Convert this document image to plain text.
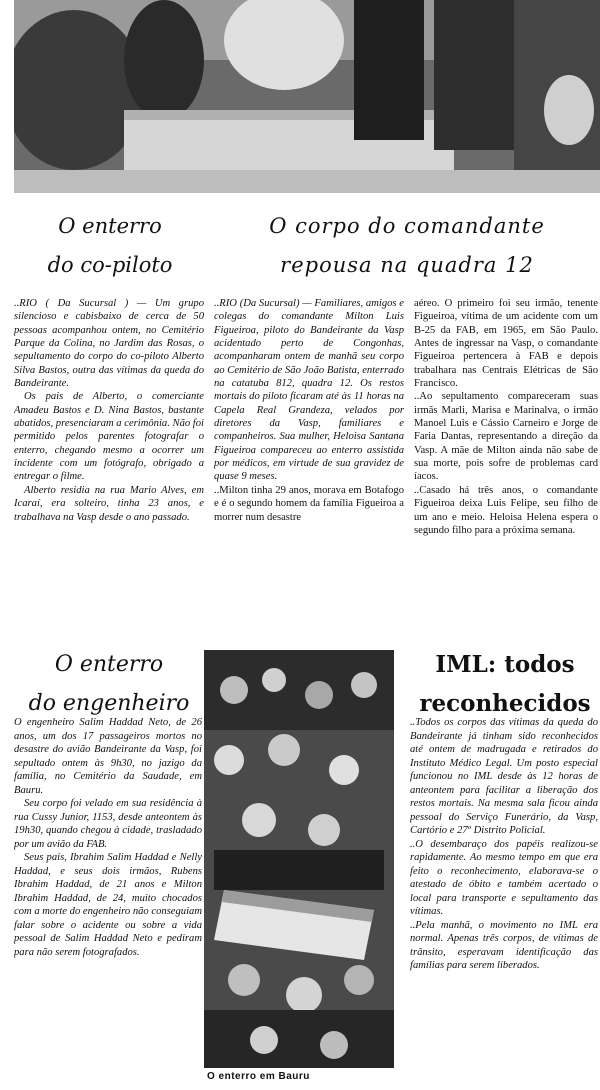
O enterro
do co-piloto
O corpo do comandante
repousa na quadra 12

..RIO ( Da Sucursal ) — Um grupo silencioso e cabisbaixo de cerca de 50 pessoas acompanhou ontem, no Cemitério Parque da Colina, no Jardim das Rosas, o sepultamento do corpo do co-piloto Alberto Silva Bastos, outra das vítimas da queda do Bandeirante.

Os pais de Alberto, o comerciante Amadeu Bastos e D. Nina Bastos, bastante abatidos, presenciaram a cerimônia. Não foi permitido pelos parentes fotografar o enterro, chegando mesmo a ocorrer um incidente com um fotógrafo, obrigado a entregar o filme.

Alberto residia na rua Mario Alves, em Icaraí, era solteiro, tinha 23 anos, e trabalhava na Vasp desde o ano passado.

..RIO (Da Sucursal) — Familiares, amigos e colegas do comandante Milton Luis Figueiroa, piloto do Bandeirante da Vasp acidentado perto de Congonhas, acompanharam ontem de manhã seu corpo ao Cemitério de São João Batista, enterrado na catatuba 812, quadra 12. Os restos mortais do piloto ficaram até às 11 horas na Capela Real Grandeza, velados por diretores da Vasp, familiares e companheiros. Sua mulher, Heloisa Santana Figueiroa compareceu ao enterro assistida por médicos, em virtude de sua gravidez de quase 9 meses.

..Milton tinha 29 anos, morava em Botafogo e é o segundo homem da família Figueiroa a morrer num desastre

aéreo. O primeiro foi seu irmão, tenente Figueiroa, vítima de um acidente com um B-25 da FAB, em 1965, em São Paulo. Antes de ingressar na Vasp, o comandante Figueiroa pertencera à FAB e depois trabalhara nas Centrais Elétricas de São Francisco.

..Ao sepultamento compareceram suas irmãs Marli, Marisa e Marinalva, o irmão Manoel Luis e Cássio Carneiro e Jorge de Faria Dantas, representando a direção da Vasp. A mãe de Milton ainda não sabe de sua morte, pois sofre de problemas card íacos.

..Casado há três anos, o comandante Figueiroa deixa Luis Felipe, seu filho de um ano e meio. Heloisa Helena espera o segundo filho para a próxima semana.

O enterro
do engenheiro
IML: todos
reconhecidos

O engenheiro Salim Haddad Neto, de 26 anos, um dos 17 passageiros mortos no desastre do avião Bandeirante da Vasp, foi sepultado ontem às 9h30, no jazigo da família, no Cemitério da Saudade, em Bauru.

Seu corpo foi velado em sua residência à rua Cussy Junior, 1153, desde anteontem às 19h30, quando chegou à cidade, trasladado por um avião da FAB.

Seus pais, Ibrahim Salim Haddad e Nelly Haddad, e seus dois irmãos, Rubens Ibrahim Haddad, de 21 anos e Milton Ibrahim Haddad, de 24, muito chocados com a morte do engenheiro não conseguiam falar sobre o acidente ou sobre a vida pessoal de Salim Haddad Neto e pediram para não serem fotografados.

O enterro em Bauru

..Todos os corpos das vítimas da queda do Bandeirante já tinham sido reconhecidos até ontem de madrugada e retirados do Instituto Médico Legal. Um posto especial funcionou no IML desde às 12 horas de anteontem para facilitar a liberação dos restos mortais. Na mesma sala ficou ainda pessoal do Serviço Funerário, da Vasp, Cartório e 27º Distrito Policial.

..O desembaraço dos papéis realizou-se rapidamente. Ao mesmo tempo em que era feito o reconhecimento, elaborava-se o atestado de óbito e também acertado o local para transporte e sepultamento das vítimas.

..Pela manhã, o movimento no IML era normal. Apenas três corpos, de vítimas de trânsito, esperavam identificação das famílias para serem liberados.
